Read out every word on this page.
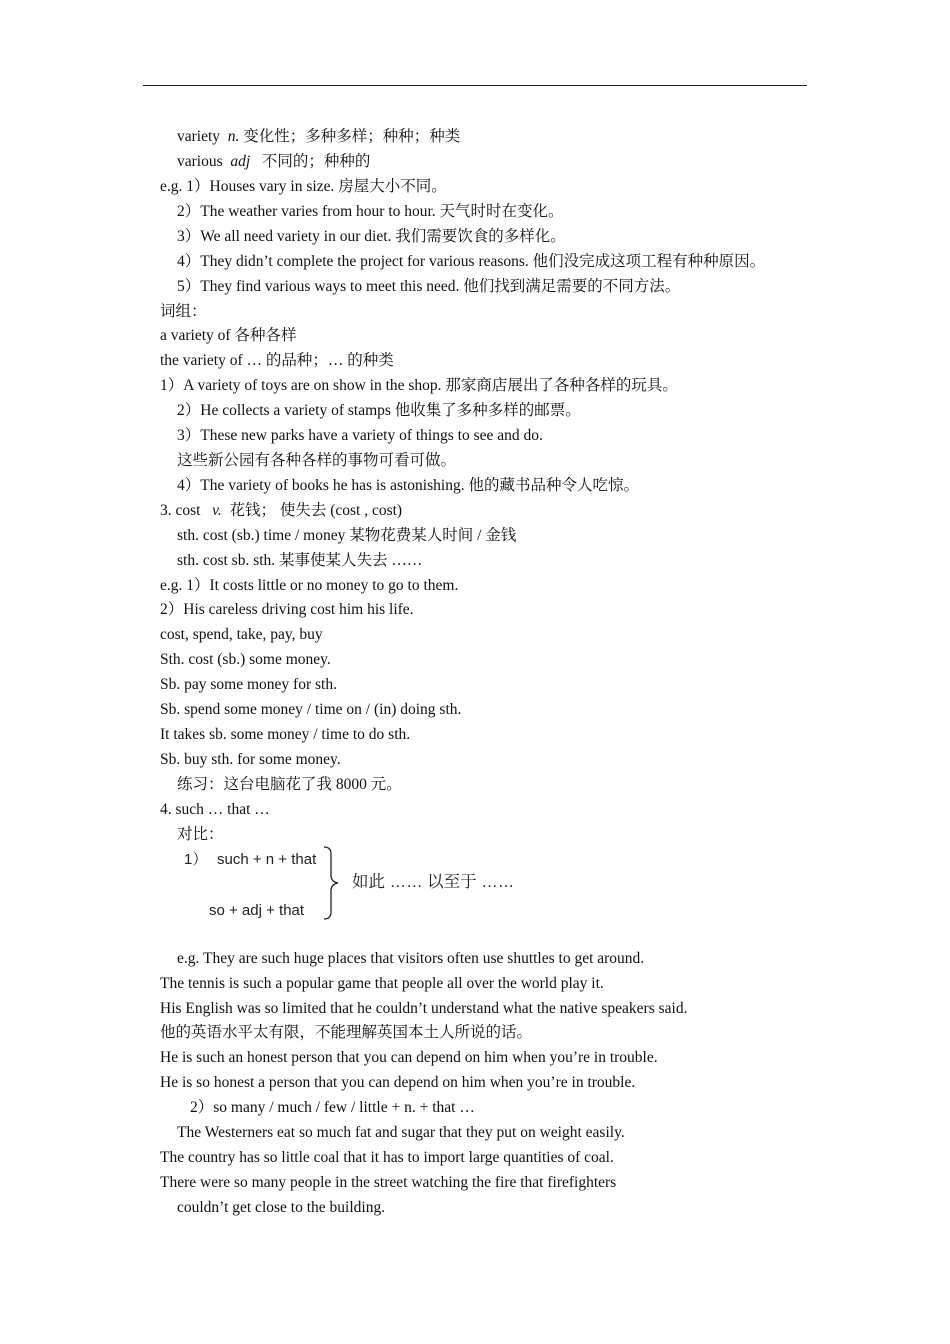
variety n. 变化性；多种多样；种种；种类
various adj 不同的；种种的
e.g. 1）Houses vary in size. 房屋大小不同。
2）The weather varies from hour to hour. 天气时时在变化。
3）We all need variety in our diet. 我们需要饮食的多样化。
4）They didn’t complete the project for various reasons. 他们没完成这项工程有种种原因。
5）They find various ways to meet this need. 他们找到满足需要的不同方法。
词组：
a variety of 各种各样
the variety of … 的品种；… 的种类
1）A variety of toys are on show in the shop. 那家商店展出了各种各样的玩具。
2）He collects a variety of stamps 他收集了多种多样的邮票。
3）These new parks have a variety of things to see and do.
这些新公园有各种各样的事物可看可做。
4）The variety of books he has is astonishing. 他的藏书品种令人吃惊。
3. cost v. 花钱； 使失去 (cost , cost)
sth. cost (sb.) time / money 某物花费某人时间 / 金钱
sth. cost sb. sth. 某事使某人失去 ……
e.g. 1）It costs little or no money to go to them.
2）His careless driving cost him his life.
cost, spend, take, pay, buy
Sth. cost (sb.) some money.
Sb. pay some money for sth.
Sb. spend some money / time on / (in) doing sth.
It takes sb. some money / time to do sth.
Sb. buy sth. for some money.
练习：这台电脑花了我 8000 元。
4. such … that …
对比：
1） such + n + that
so + adj + that
如此 …… 以至于 ……
e.g. They are such huge places that visitors often use shuttles to get around.
The tennis is such a popular game that people all over the world play it.
His English was so limited that he couldn’t understand what the native speakers said.
他的英语水平太有限，不能理解英国本土人所说的话。
He is such an honest person that you can depend on him when you’re in trouble.
He is so honest a person that you can depend on him when you’re in trouble.
2）so many / much / few / little + n. + that …
The Westerners eat so much fat and sugar that they put on weight easily.
The country has so little coal that it has to import large quantities of coal.
There were so many people in the street watching the fire that firefighters
couldn’t get close to the building.
